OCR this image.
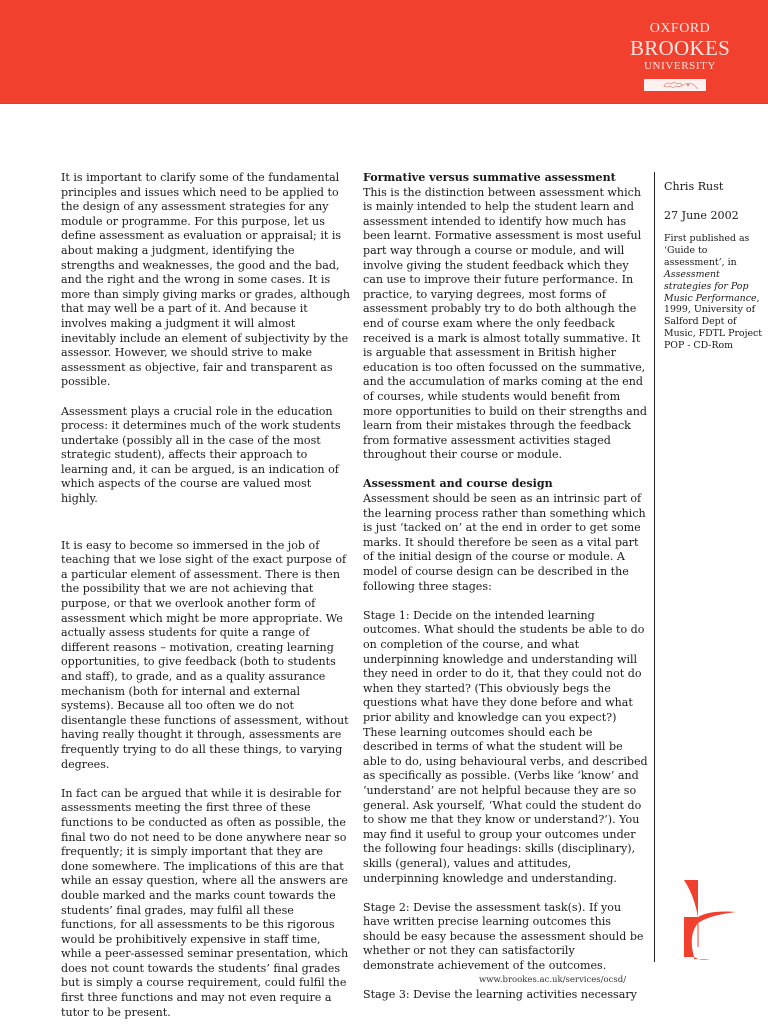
OXFORD
BROOKES
UNIVERSITY

It is important to clarify some of the fundamental principles and issues which need to be applied to the design of any assessment strategies for any module or programme. For this purpose, let us define assessment as evaluation or appraisal; it is about making a judgment, identifying the strengths and weaknesses, the good and the bad, and the right and the wrong in some cases. It is more than simply giving marks or grades, although that may well be a part of it. And because it involves making a judgment it will almost inevitably include an element of subjectivity by the assessor. However, we should strive to make assessment as objective, fair and transparent as possible.

Assessment plays a crucial role in the education process: it determines much of the work students undertake (possibly all in the case of the most strategic student), affects their approach to learning and, it can be argued, is an indication of which aspects of the course are valued most highly.

It is easy to become so immersed in the job of teaching that we lose sight of the exact purpose of a particular element of assessment. There is then the possibility that we are not achieving that purpose, or that we overlook another form of assessment which might be more appropriate. We actually assess students for quite a range of different reasons – motivation, creating learning opportunities, to give feedback (both to students and staff), to grade, and as a quality assurance mechanism (both for internal and external systems). Because all too often we do not disentangle these functions of assessment, without having really thought it through, assessments are frequently trying to do all these things, to varying degrees.

In fact can be argued that while it is desirable for assessments meeting the first three of these functions to be conducted as often as possible, the final two do not need to be done anywhere near so frequently; it is simply important that they are done somewhere. The implications of this are that while an essay question, where all the answers are double marked and the marks count towards the students’ final grades, may fulfil all these functions, for all assessments to be this rigorous would be prohibitively expensive in staff time, while a peer-assessed seminar presentation, which does not count towards the students’ final grades but is simply a course requirement, could fulfil the first three functions and may not even require a tutor to be present.

Formative versus summative assessment
This is the distinction between assessment which is mainly intended to help the student learn and assessment intended to identify how much has been learnt. Formative assessment is most useful part way through a course or module, and will involve giving the student feedback which they can use to improve their future performance. In practice, to varying degrees, most forms of assessment probably try to do both although the end of course exam where the only feedback received is a mark is almost totally summative. It is arguable that assessment in British higher education is too often focussed on the summative, and the accumulation of marks coming at the end of courses, while students would benefit from more opportunities to build on their strengths and learn from their mistakes through the feedback from formative assessment activities staged throughout their course or module.

Assessment and course design
Assessment should be seen as an intrinsic part of the learning process rather than something which is just ‘tacked on’ at the end in order to get some marks. It should therefore be seen as a vital part of the initial design of the course or module. A model of course design can be described in the following three stages:

Stage 1: Decide on the intended learning outcomes. What should the students be able to do on completion of the course, and what underpinning knowledge and understanding will they need in order to do it, that they could not do when they started? (This obviously begs the questions what have they done before and what prior ability and knowledge can you expect?) These learning outcomes should each be described in terms of what the student will be able to do, using behavioural verbs, and described as specifically as possible. (Verbs like ‘know’ and ‘understand’ are not helpful because they are so general. Ask yourself, ‘What could the student do to show me that they know or understand?’). You may find it useful to group your outcomes under the following four headings: skills (disciplinary), skills (general), values and attitudes, underpinning knowledge and understanding.

Stage 2: Devise the assessment task(s). If you have written precise learning outcomes this should be easy because the assessment should be whether or not they can satisfactorily demonstrate achievement of the outcomes.

Stage 3: Devise the learning activities necessary

Chris Rust

27 June 2002

First published as ‘Guide to assessment’, in Assessment strategies for Pop Music Performance, 1999, University of Salford Dept of Music, FDTL Project POP - CD-Rom

www.brookes.ac.uk/services/ocsd/
